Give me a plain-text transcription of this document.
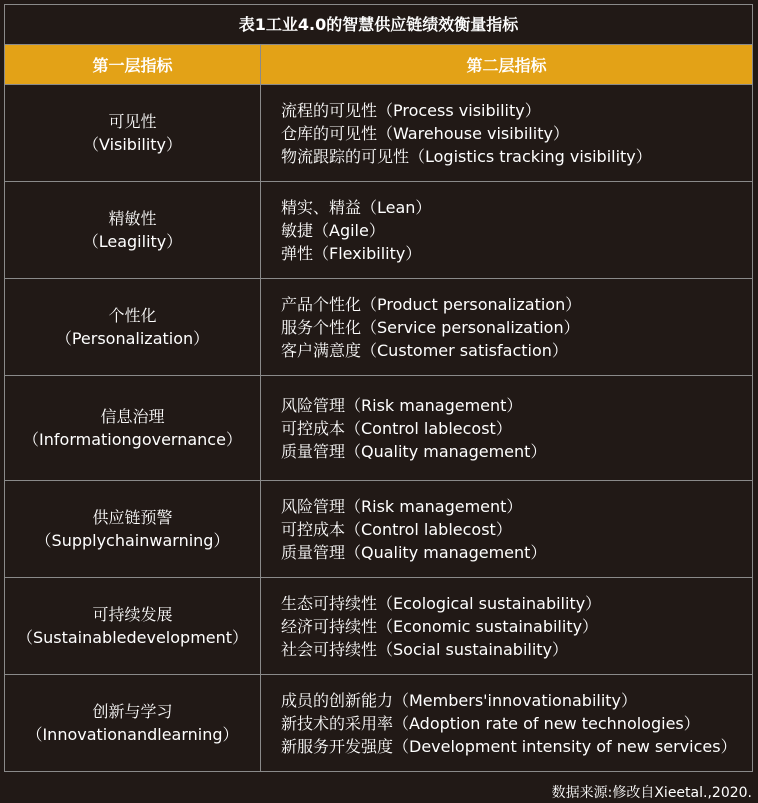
表1工业4.0的智慧供应链绩效衡量指标
第一层指标	第二层指标
可见性
（Visibility）
流程的可见性（Process visibility）
仓库的可见性（Warehouse visibility）
物流跟踪的可见性（Logistics tracking visibility）
精敏性
（Leagility）
精实、精益（Lean）
敏捷（Agile）
弹性（Flexibility）
个性化
（Personalization）
产品个性化（Product personalization）
服务个性化（Service personalization）
客户满意度（Customer satisfaction）
信息治理
（Informationgovernance）
风险管理（Risk management）
可控成本（Control lablecost）
质量管理（Quality management）
供应链预警
（Supplychainwarning）
风险管理（Risk management）
可控成本（Control lablecost）
质量管理（Quality management）
可持续发展
（Sustainabledevelopment）
生态可持续性（Ecological sustainability）
经济可持续性（Economic sustainability）
社会可持续性（Social sustainability）
创新与学习
（Innovationandlearning）
成员的创新能力（Members'innovationability）
新技术的采用率（Adoption rate of new technologies）
新服务开发强度（Development intensity of new services）
数据来源:修改自Xieetal.,2020.
